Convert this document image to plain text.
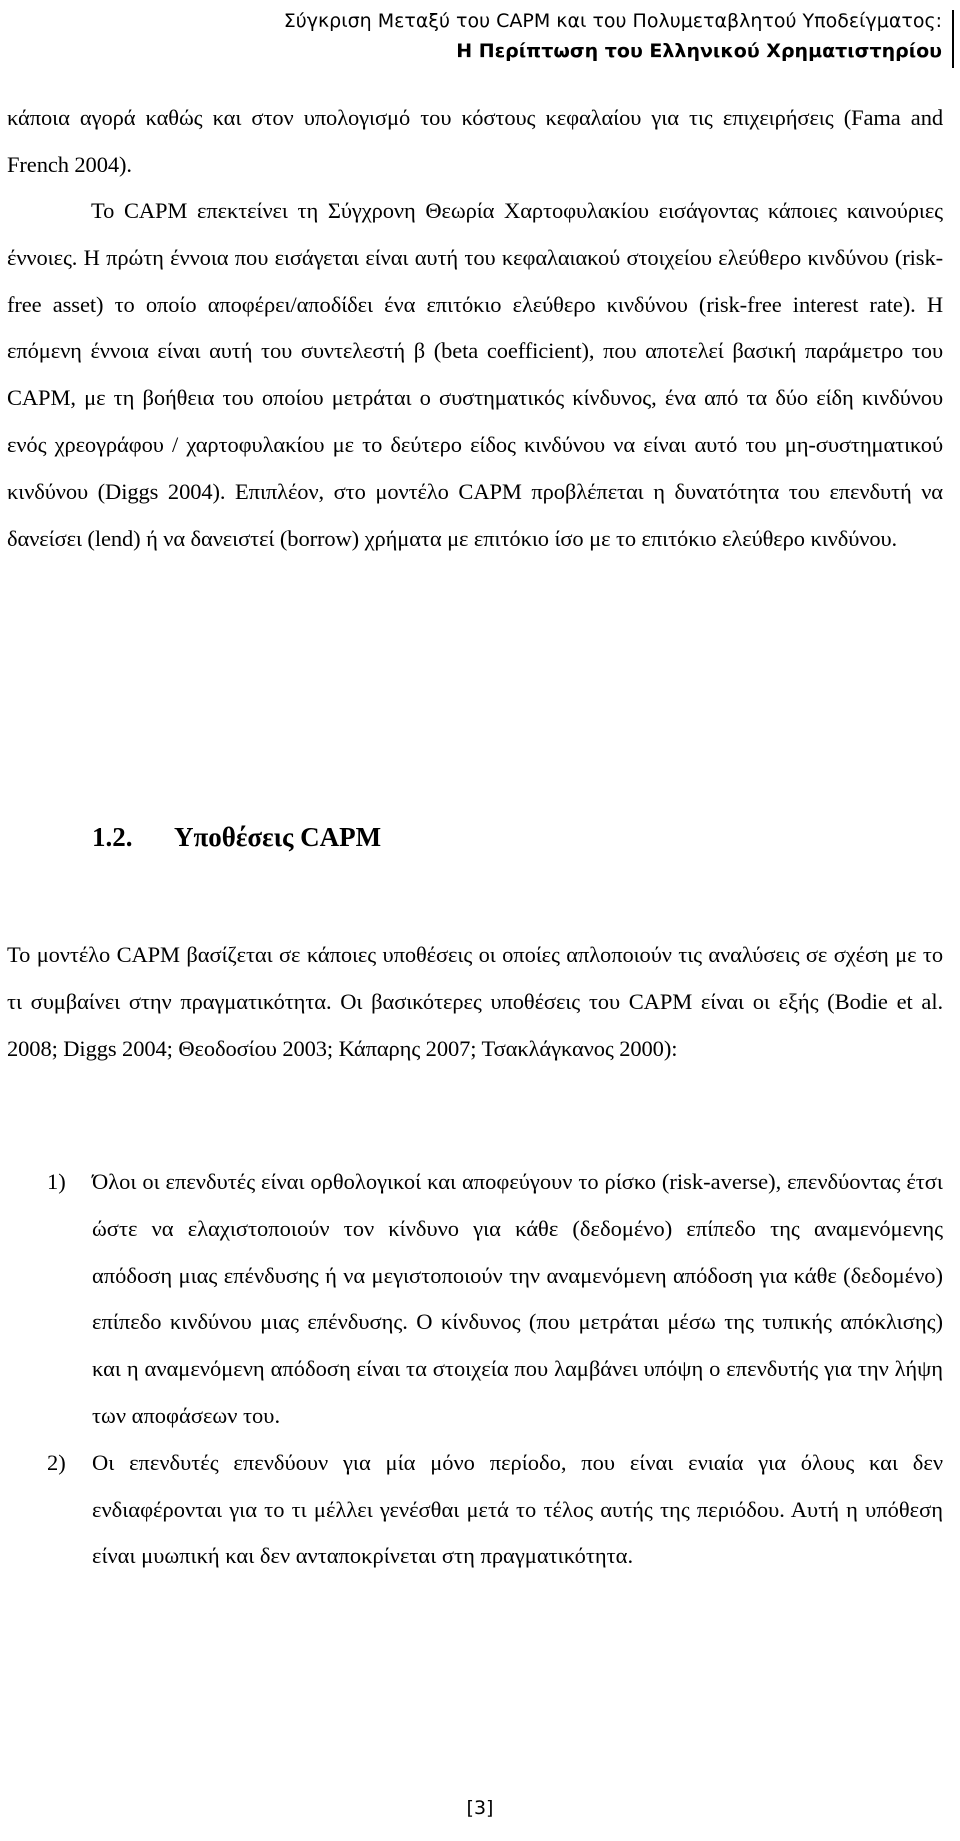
Σύγκριση Μεταξύ του CAPM και του Πολυμεταβλητού Υποδείγματος:
Η Περίπτωση του Ελληνικού Χρηματιστηρίου

κάποια αγορά καθώς και στον υπολογισμό του κόστους κεφαλαίου για τις επιχειρήσεις (Fama and French 2004).

Το CAPM επεκτείνει τη Σύγχρονη Θεωρία Χαρτοφυλακίου εισάγοντας κάποιες καινούριες έννοιες. Η πρώτη έννοια που εισάγεται είναι αυτή του κεφαλαιακού στοιχείου ελεύθερο κινδύνου (risk-free asset) το οποίο αποφέρει/αποδίδει ένα επιτόκιο ελεύθερο κινδύνου (risk-free interest rate). Η επόμενη έννοια είναι αυτή του συντελεστή β (beta coefficient), που αποτελεί βασική παράμετρο του CAPM, με τη βοήθεια του οποίου μετράται ο συστηματικός κίνδυνος, ένα από τα δύο είδη κινδύνου ενός χρεογράφου / χαρτοφυλακίου με το δεύτερο είδος κινδύνου να είναι αυτό του μη-συστηματικού κινδύνου (Diggs 2004). Επιπλέον, στο μοντέλο CAPM προβλέπεται η δυνατότητα του επενδυτή να δανείσει (lend) ή να δανειστεί (borrow) χρήματα με επιτόκιο ίσο με το επιτόκιο ελεύθερο κινδύνου.

1.2. Υποθέσεις CAPM

Το μοντέλο CAPM βασίζεται σε κάποιες υποθέσεις οι οποίες απλοποιούν τις αναλύσεις σε σχέση με το τι συμβαίνει στην πραγματικότητα. Οι βασικότερες υποθέσεις του CAPM είναι οι εξής (Bodie et al. 2008; Diggs 2004; Θεοδοσίου 2003; Κάπαρης 2007; Τσακλάγκανος 2000):

1) Όλοι οι επενδυτές είναι ορθολογικοί και αποφεύγουν το ρίσκο (risk-averse), επενδύοντας έτσι ώστε να ελαχιστοποιούν τον κίνδυνο για κάθε (δεδομένο) επίπεδο της αναμενόμενης απόδοση μιας επένδυσης ή να μεγιστοποιούν την αναμενόμενη απόδοση για κάθε (δεδομένο) επίπεδο κινδύνου μιας επένδυσης. Ο κίνδυνος (που μετράται μέσω της τυπικής απόκλισης) και η αναμενόμενη απόδοση είναι τα στοιχεία που λαμβάνει υπόψη ο επενδυτής για την λήψη των αποφάσεων του.
2) Οι επενδυτές επενδύουν για μία μόνο περίοδο, που είναι ενιαία για όλους και δεν ενδιαφέρονται για το τι μέλλει γενέσθαι μετά το τέλος αυτής της περιόδου. Αυτή η υπόθεση είναι μυωπική και δεν ανταποκρίνεται στη πραγματικότητα.
[3]
